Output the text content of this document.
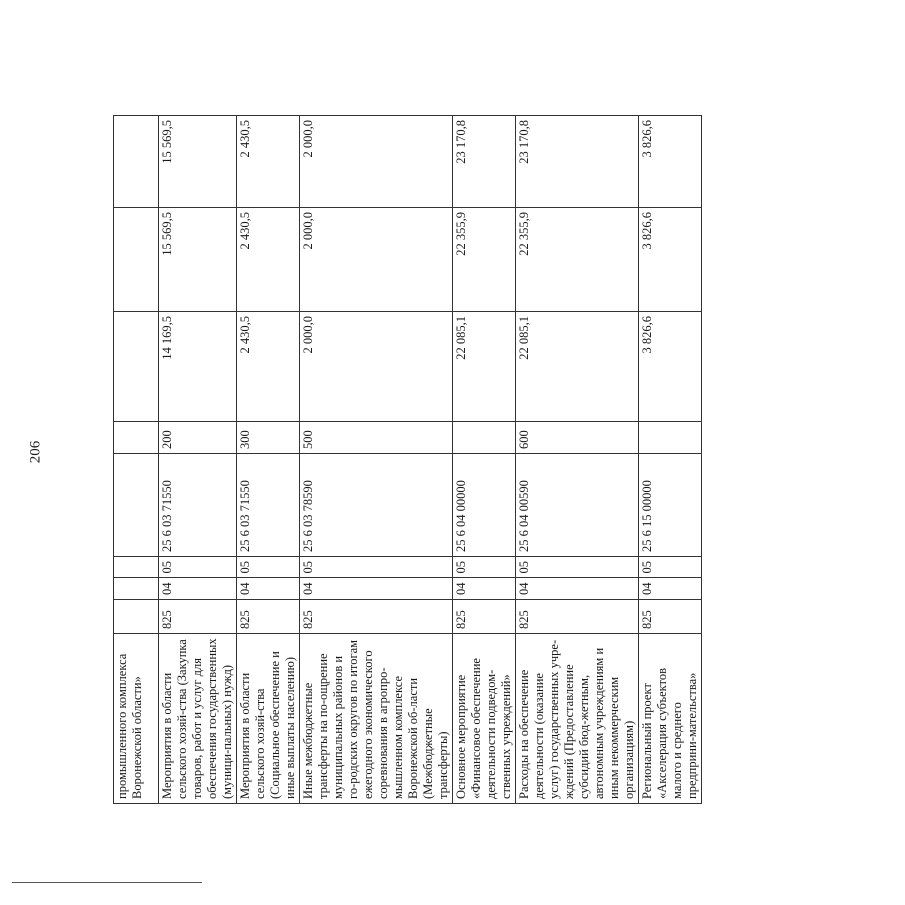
206
промышленного комплекса Воронежской области»								
Мероприятия в области сельского хозяй-ства (Закупка товаров, работ и услуг для обеспечения государственных (муници-пальных) нужд)	825	04	05	25 6 03 71550	200	14 169,5	15 569,5	15 569,5
Мероприятия в области сельского хозяй-ства (Социальное обеспечение и иные выплаты населению)	825	04	05	25 6 03 71550	300	2 430,5	2 430,5	2 430,5
Иные межбюджетные трансферты на по-ощрение муниципальных районов и го-родских округов по итогам ежегодного экономического соревнования в агропро-мышленном комплексе Воронежской об-ласти (Межбюджетные трансферты)	825	04	05	25 6 03 78590	500	2 000,0	2 000,0	2 000,0
Основное мероприятие «Финансовое обеспечение деятельности подведом-ственных учреждений»	825	04	05	25 6 04 00000		22 085,1	22 355,9	23 170,8
Расходы на обеспечение деятельности (оказание услуг) государственных учре-ждений (Предоставление субсидий бюд-жетным, автономным учреждениям и иным некоммерческим организациям)	825	04	05	25 6 04 00590	600	22 085,1	22 355,9	23 170,8
Региональный проект «Акселерация субъектов малого и среднего предприни-мательства»	825	04	05	25 6 15 00000		3 826,6	3 826,6	3 826,6
